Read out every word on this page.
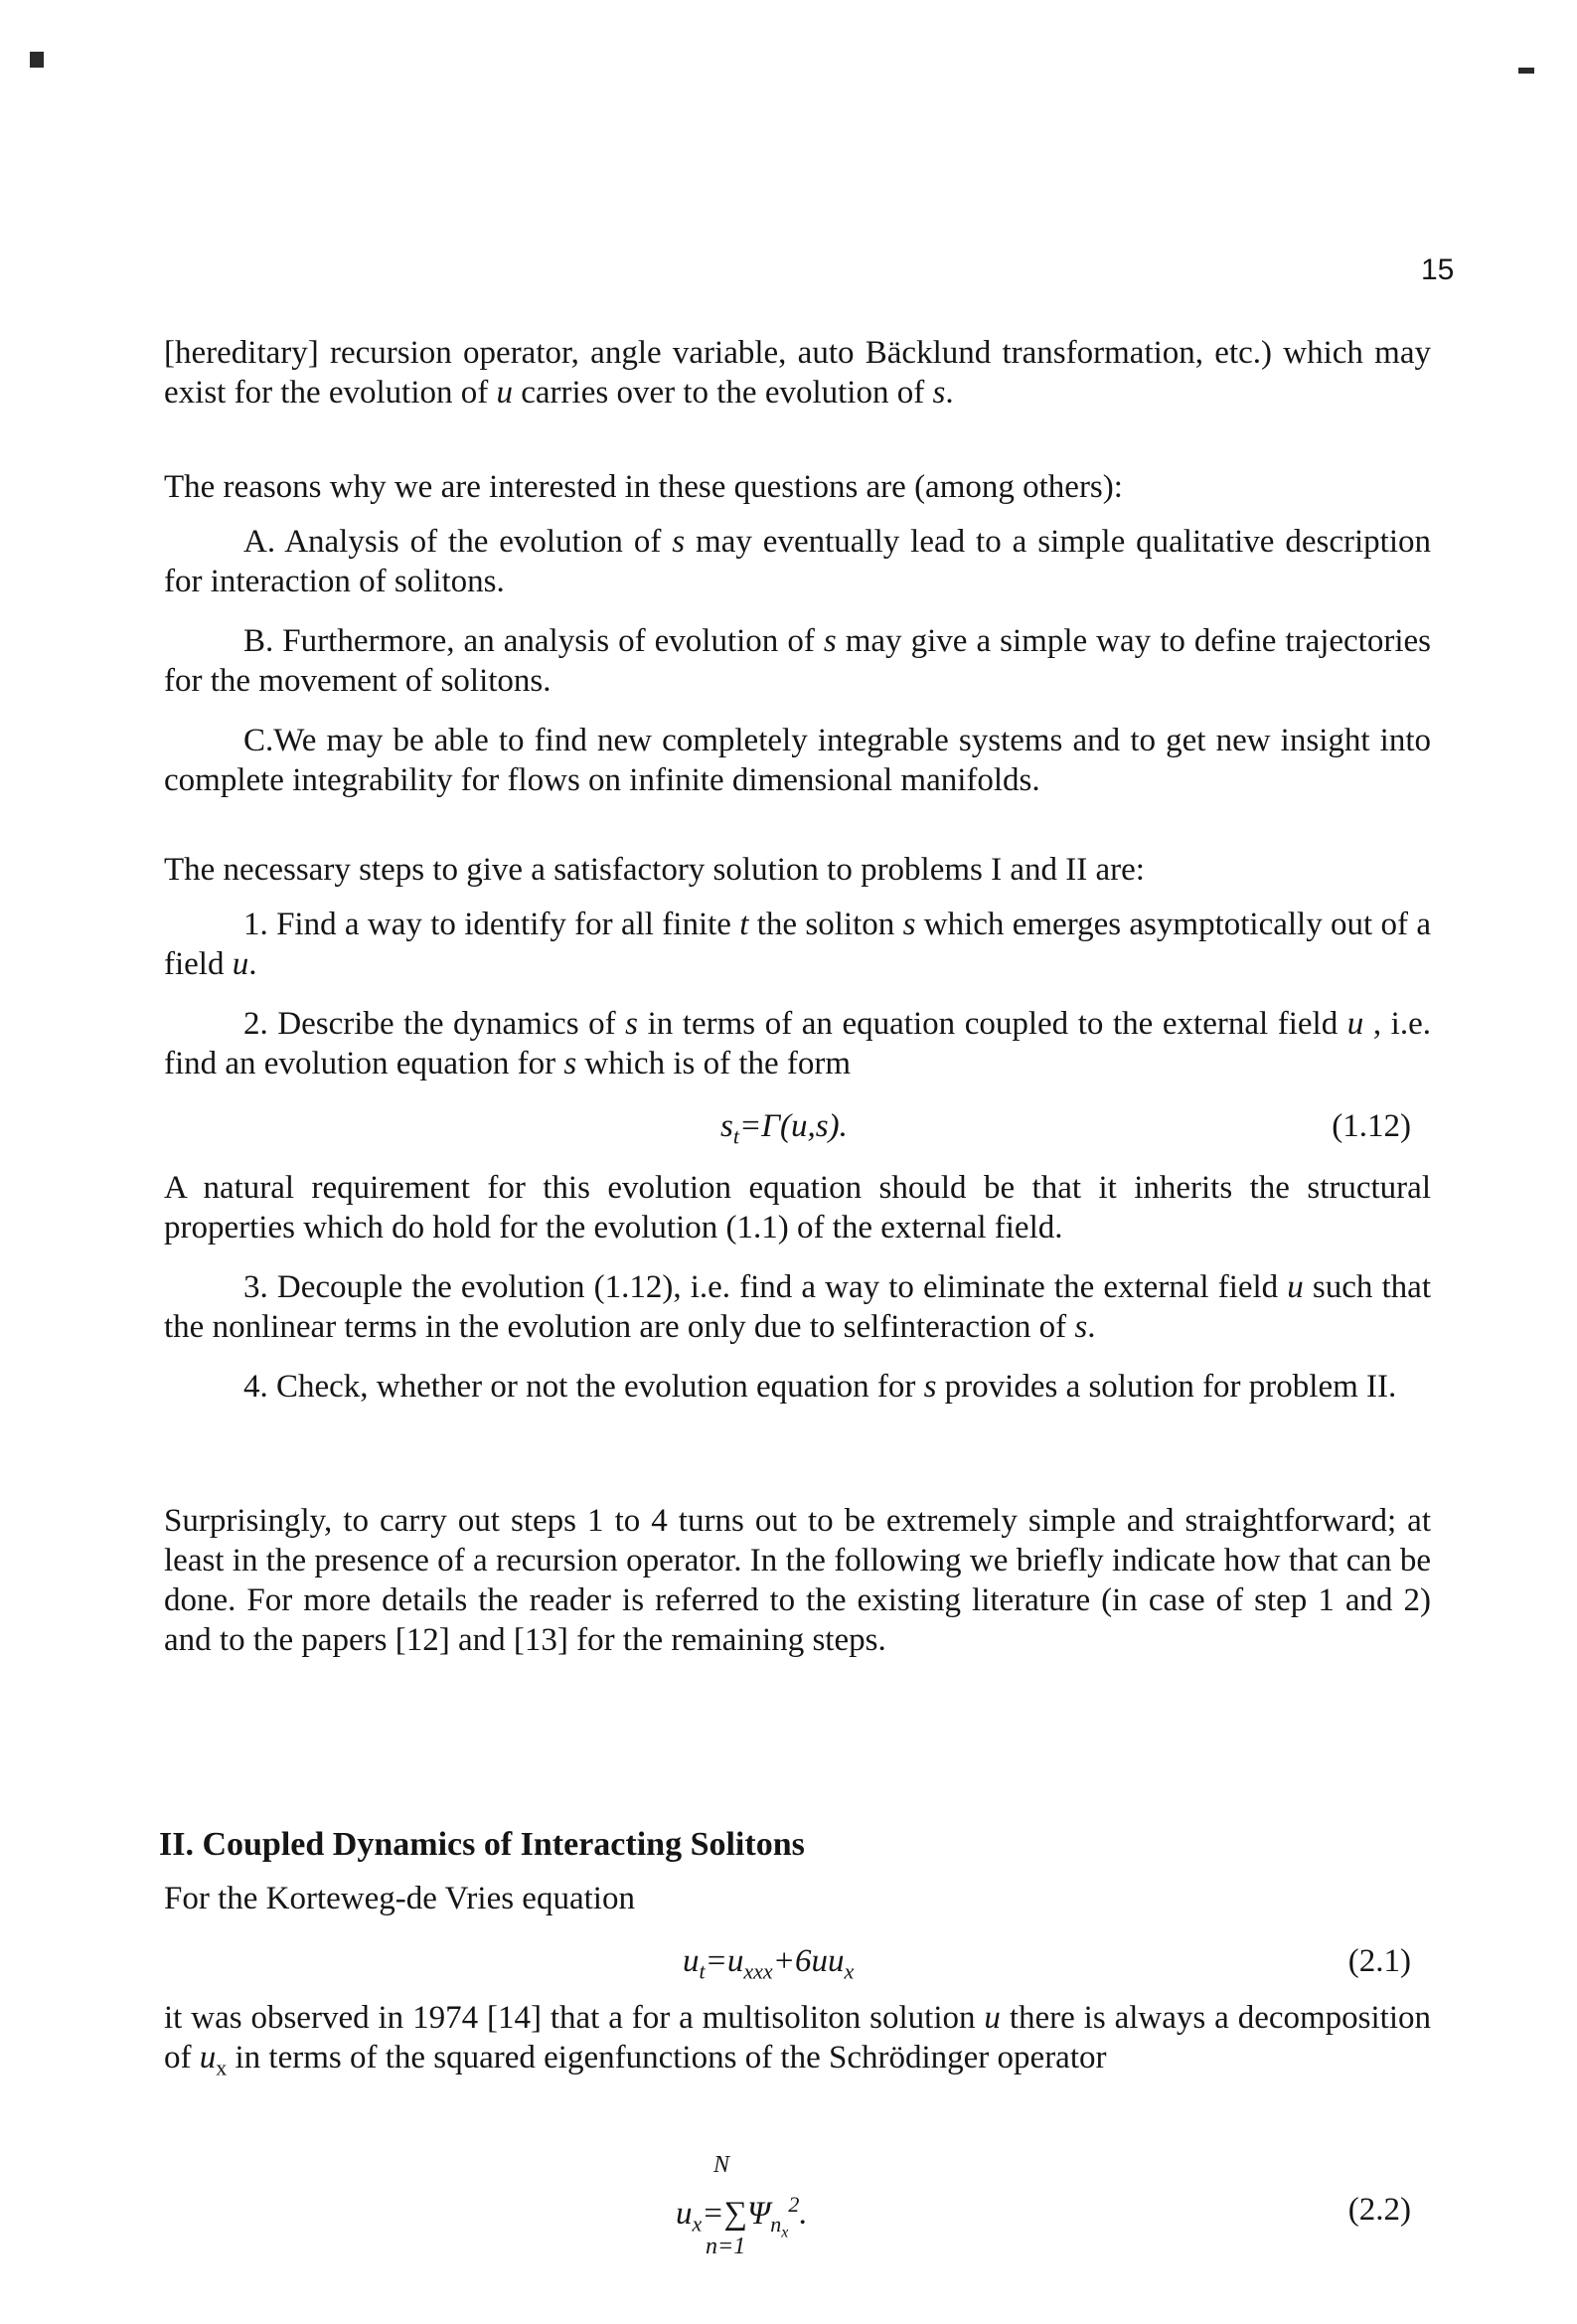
15

[hereditary] recursion operator, angle variable, auto Bäcklund transformation, etc.) which may exist for the evolution of u carries over to the evolution of s.

The reasons why we are interested in these questions are (among others):

A. Analysis of the evolution of s may eventually lead to a simple qualitative description for interaction of solitons.

B. Furthermore, an analysis of evolution of s may give a simple way to define trajectories for the movement of solitons.

C.We may be able to find new completely integrable systems and to get new insight into complete integrability for flows on infinite dimensional manifolds.

The necessary steps to give a satisfactory solution to problems I and II are:

1. Find a way to identify for all finite t the soliton s which emerges asymptotically out of a field u.

2. Describe the dynamics of s in terms of an equation coupled to the external field u , i.e. find an evolution equation for s which is of the form

$s_t=\Gamma(u,s)$.	(1.12)

A natural requirement for this evolution equation should be that it inherits the structural properties which do hold for the evolution (1.1) of the external field.

3. Decouple the evolution (1.12), i.e. find a way to eliminate the external field u such that the nonlinear terms in the evolution are only due to selfinteraction of s.

4. Check, whether or not the evolution equation for s provides a solution for problem II.

Surprisingly, to carry out steps 1 to 4 turns out to be extremely simple and straightforward; at least in the presence of a recursion operator. In the following we briefly indicate how that can be done. For more details the reader is referred to the existing literature (in case of step 1 and 2) and to the papers [12] and [13] for the remaining steps.

II. Coupled Dynamics of Interacting Solitons

For the Korteweg-de Vries equation

$u_t=u_{xxx}+6uu_x$	(2.1)

it was observed in 1974 [14] that a for a multisoliton solution u there is always a decomposition of $u_x$ in terms of the squared eigenfunctions of the Schrödinger operator

N
$u_x=\sum\Psi_{n_x}^2$.
n=1
(2.2)
